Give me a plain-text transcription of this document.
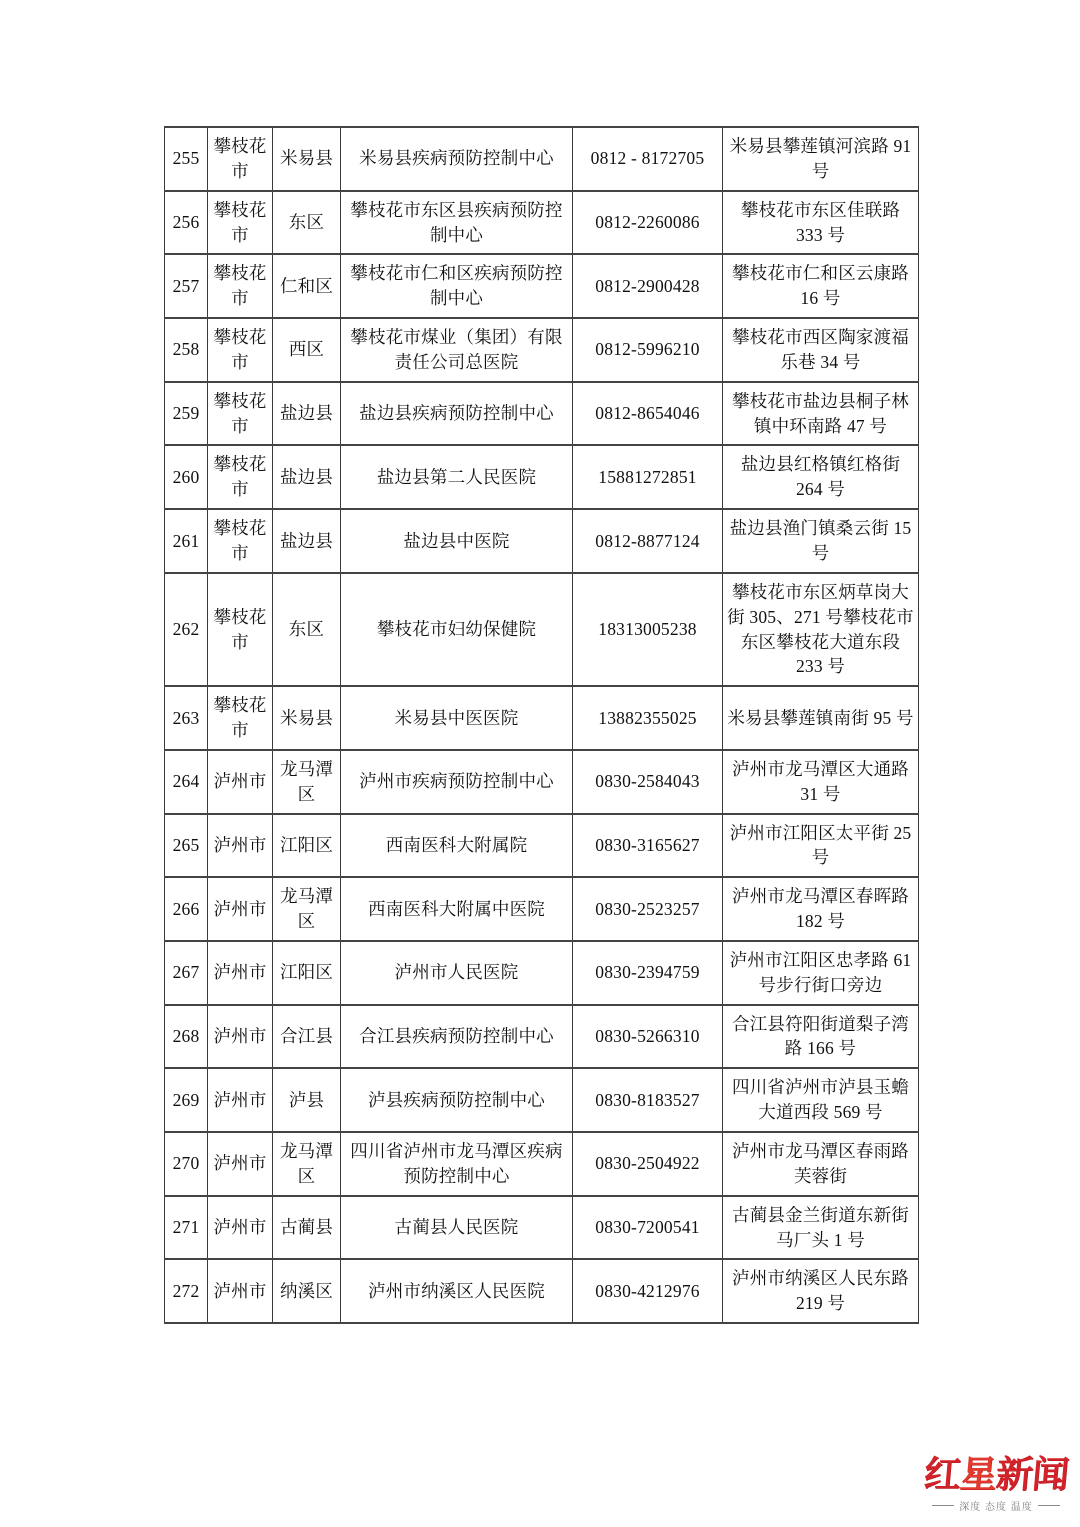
255	攀枝花市	米易县	米易县疾病预防控制中心	0812 - 8172705	米易县攀莲镇河滨路 91 号
256	攀枝花市	东区	攀枝花市东区县疾病预防控制中心	0812-2260086	攀枝花市东区佳联路 333 号
257	攀枝花市	仁和区	攀枝花市仁和区疾病预防控制中心	0812-2900428	攀枝花市仁和区云康路 16 号
258	攀枝花市	西区	攀枝花市煤业（集团）有限责任公司总医院	0812-5996210	攀枝花市西区陶家渡福乐巷 34 号
259	攀枝花市	盐边县	盐边县疾病预防控制中心	0812-8654046	攀枝花市盐边县桐子林镇中环南路 47 号
260	攀枝花市	盐边县	盐边县第二人民医院	15881272851	盐边县红格镇红格街 264 号
261	攀枝花市	盐边县	盐边县中医院	0812-8877124	盐边县渔门镇桑云街 15 号
262	攀枝花市	东区	攀枝花市妇幼保健院	18313005238	攀枝花市东区炳草岗大街 305、271 号攀枝花市东区攀枝花大道东段 233 号
263	攀枝花市	米易县	米易县中医医院	13882355025	米易县攀莲镇南街 95 号
264	泸州市	龙马潭区	泸州市疾病预防控制中心	0830-2584043	泸州市龙马潭区大通路 31 号
265	泸州市	江阳区	西南医科大附属院	0830-3165627	泸州市江阳区太平街 25 号
266	泸州市	龙马潭区	西南医科大附属中医院	0830-2523257	泸州市龙马潭区春晖路 182 号
267	泸州市	江阳区	泸州市人民医院	0830-2394759	泸州市江阳区忠孝路 61 号步行街口旁边
268	泸州市	合江县	合江县疾病预防控制中心	0830-5266310	合江县符阳街道梨子湾路 166 号
269	泸州市	泸县	泸县疾病预防控制中心	0830-8183527	四川省泸州市泸县玉蟾大道西段 569 号
270	泸州市	龙马潭区	四川省泸州市龙马潭区疾病预防控制中心	0830-2504922	泸州市龙马潭区春雨路芙蓉街
271	泸州市	古蔺县	古蔺县人民医院	0830-7200541	古蔺县金兰街道东新街马厂头 1 号
272	泸州市	纳溪区	泸州市纳溪区人民医院	0830-4212976	泸州市纳溪区人民东路 219 号
红星新闻
深度 态度 温度
